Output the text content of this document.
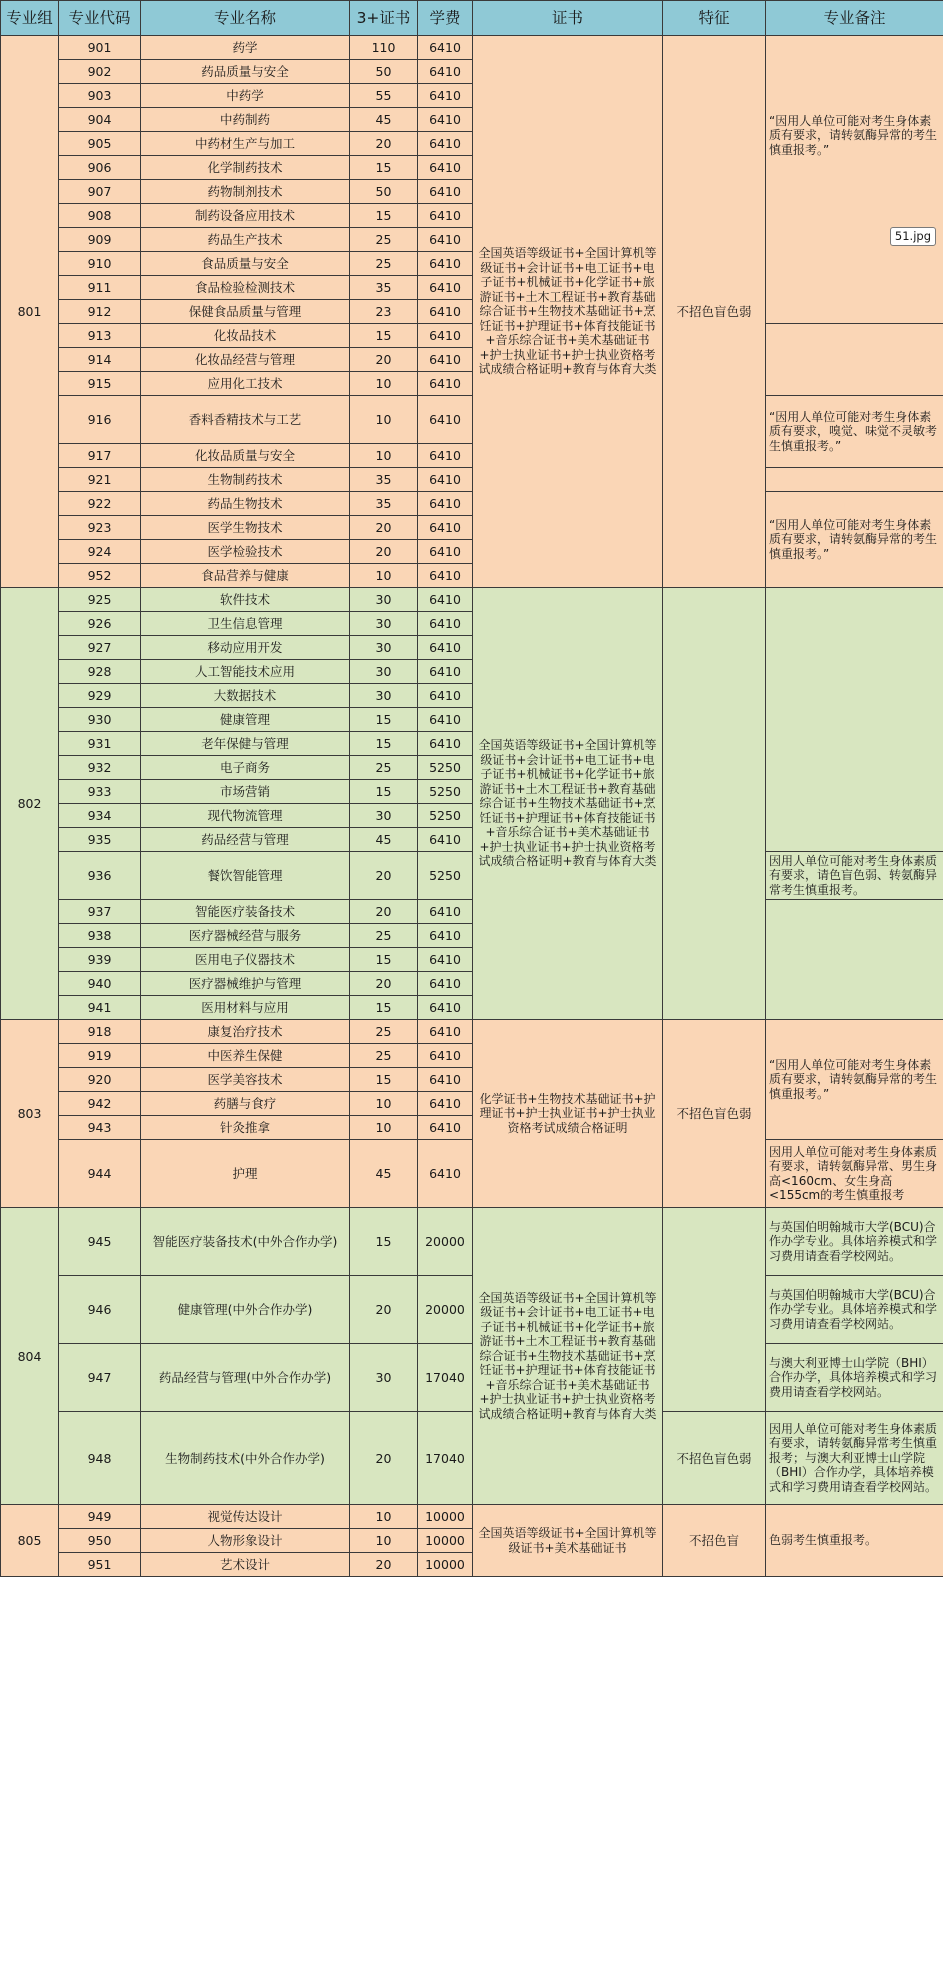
专业组	专业代码	专业名称	3+证书	学费	证书	特征	专业备注
801	901	药学	110	6410	全国英语等级证书+全国计算机等级证书+会计证书+电工证书+电子证书+机械证书+化学证书+旅游证书+土木工程证书+教育基础综合证书+生物技术基础证书+烹饪证书+护理证书+体育技能证书+音乐综合证书+美术基础证书+护士执业证书+护士执业资格考试成绩合格证明+教育与体育大类	不招色盲色弱	“因用人单位可能对考生身体素质有要求，请转氨酶异常的考生慎重报考。”
51.jpg

	902	药品质量与安全	50	6410			
	903	中药学	55	6410			
	904	中药制药	45	6410			
	905	中药材生产与加工	20	6410			
	906	化学制药技术	15	6410			
	907	药物制剂技术	50	6410			
	908	制药设备应用技术	15	6410			
	909	药品生产技术	25	6410			
	910	食品质量与安全	25	6410			
	911	食品检验检测技术	35	6410			
	912	保健食品质量与管理	23	6410			
	913	化妆品技术	15	6410			
	914	化妆品经营与管理	20	6410			
	915	应用化工技术	10	6410			
	916	香料香精技术与工艺	10	6410			“因用人单位可能对考生身体素质有要求，嗅觉、味觉不灵敏考生慎重报考。”

	917	化妆品质量与安全	10	6410			
	921	生物制药技术	35	6410			
	922	药品生物技术	35	6410			“因用人单位可能对考生身体素质有要求，请转氨酶异常的考生慎重报考。”

	923	医学生物技术	20	6410			
	924	医学检验技术	20	6410			
	952	食品营养与健康	10	6410			
802	925	软件技术	30	6410	全国英语等级证书+全国计算机等级证书+会计证书+电工证书+电子证书+机械证书+化学证书+旅游证书+土木工程证书+教育基础综合证书+生物技术基础证书+烹饪证书+护理证书+体育技能证书+音乐综合证书+美术基础证书+护士执业证书+护士执业资格考试成绩合格证明+教育与体育大类		
	926	卫生信息管理	30	6410			
	927	移动应用开发	30	6410			
	928	人工智能技术应用	30	6410			
	929	大数据技术	30	6410			
	930	健康管理	15	6410			
	931	老年保健与管理	15	6410			
	932	电子商务	25	5250			
	933	市场营销	15	5250			
	934	现代物流管理	30	5250			
	935	药品经营与管理	45	6410			
	936	餐饮智能管理	20	5250			因用人单位可能对考生身体素质有要求，请色盲色弱、转氨酶异常考生慎重报考。

	937	智能医疗装备技术	20	6410			
	938	医疗器械经营与服务	25	6410			
	939	医用电子仪器技术	15	6410			
	940	医疗器械维护与管理	20	6410			
	941	医用材料与应用	15	6410			
803	918	康复治疗技术	25	6410	化学证书+生物技术基础证书+护理证书+护士执业证书+护士执业资格考试成绩合格证明	不招色盲色弱	“因用人单位可能对考生身体素质有要求，请转氨酶异常的考生慎重报考。”

	919	中医养生保健	25	6410			
	920	医学美容技术	15	6410			
	942	药膳与食疗	10	6410			
	943	针灸推拿	10	6410			
	944	护理	45	6410			因用人单位可能对考生身体素质有要求，请转氨酶异常、男生身高<160cm、女生身高<155cm的考生慎重报考

804	945	智能医疗装备技术(中外合作办学)	15	20000	全国英语等级证书+全国计算机等级证书+会计证书+电工证书+电子证书+机械证书+化学证书+旅游证书+土木工程证书+教育基础综合证书+生物技术基础证书+烹饪证书+护理证书+体育技能证书+音乐综合证书+美术基础证书+护士执业证书+护士执业资格考试成绩合格证明+教育与体育大类		与英国伯明翰城市大学(BCU)合作办学专业。具体培养模式和学习费用请查看学校网站。

	946	健康管理(中外合作办学)	20	20000			与英国伯明翰城市大学(BCU)合作办学专业。具体培养模式和学习费用请查看学校网站。

	947	药品经营与管理(中外合作办学)	30	17040			与澳大利亚博士山学院（BHI）合作办学，具体培养模式和学习费用请查看学校网站。

	948	生物制药技术(中外合作办学)	20	17040		不招色盲色弱	因用人单位可能对考生身体素质有要求，请转氨酶异常考生慎重报考；与澳大利亚博士山学院（BHI）合作办学，具体培养模式和学习费用请查看学校网站。

805	949	视觉传达设计	10	10000	全国英语等级证书+全国计算机等级证书+美术基础证书	不招色盲	色弱考生慎重报考。

	950	人物形象设计	10	10000			
	951	艺术设计	20	10000			
